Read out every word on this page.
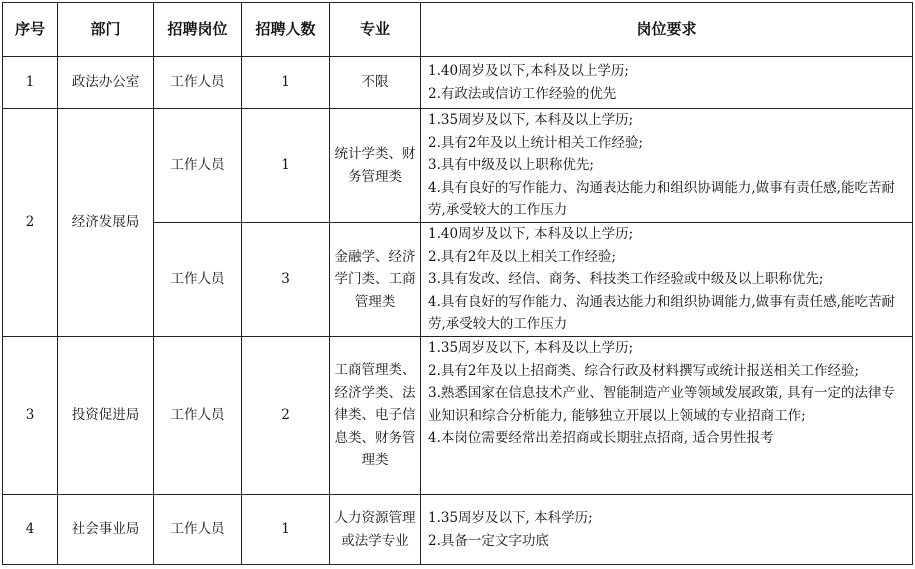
序号	部门	招聘岗位	招聘人数	专业	岗位要求
1	政法办公室	工作人员	1	不限	1.40周岁及以下,本科及以上学历;
2.有政法或信访工作经验的优先

2	经济发展局	工作人员	1	统计学类、财务管理类	1.35周岁及以下, 本科及以上学历;
2.具有2年及以上统计相关工作经验;
3.具有中级及以上职称优先;
4.具有良好的写作能力、沟通表达能力和组织协调能力,做事有责任感,能吃苦耐劳,承受较大的工作压力

		工作人员	3	金融学、经济学门类、工商管理类	1.40周岁及以下, 本科及以上学历;
2.具有2年及以上相关工作经验;
3.具有发改、经信、商务、科技类工作经验或中级及以上职称优先;
4.具有良好的写作能力、沟通表达能力和组织协调能力,做事有责任感,能吃苦耐劳,承受较大的工作压力

3	投资促进局	工作人员	2	工商管理类、经济学类、法律类、电子信息类、财务管理类	1.35周岁及以下, 本科及以上学历;
2.具有2年及以上招商类、综合行政及材料撰写或统计报送相关工作经验;
3.熟悉国家在信息技术产业、智能制造产业等领域发展政策, 具有一定的法律专业知识和综合分析能力, 能够独立开展以上领域的专业招商工作;
4.本岗位需要经常出差招商或长期驻点招商, 适合男性报考

4	社会事业局	工作人员	1	人力资源管理或法学专业	1.35周岁及以下, 本科学历;
2.具备一定文字功底
